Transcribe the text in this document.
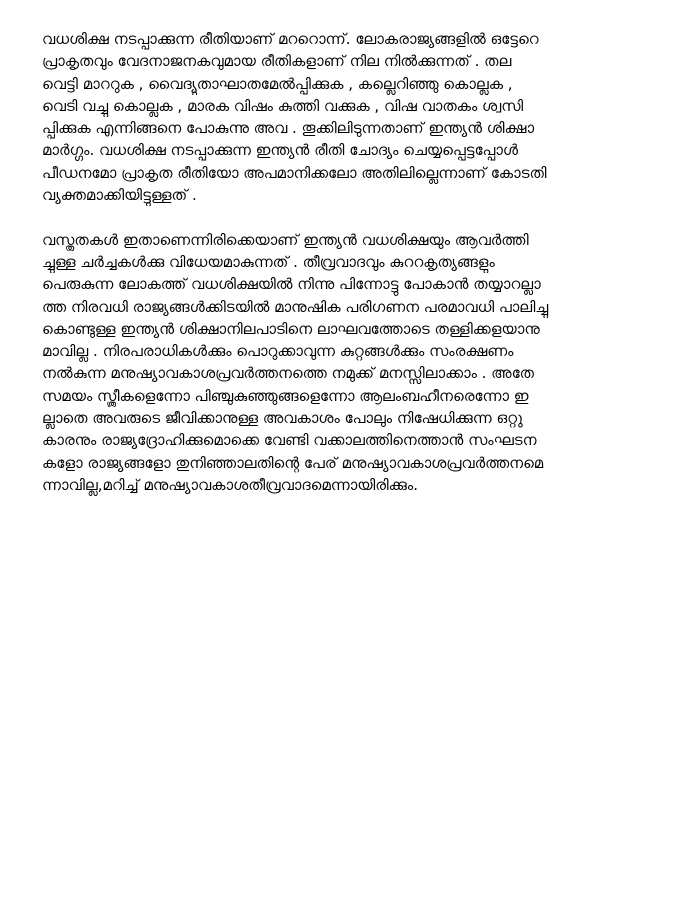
വധശിക്ഷ നടപ്പാക്കുന്ന രീതിയാണ് മററൊന്ന്. ലോകരാജ്യങ്ങളിൽ ഒട്ടേറെ
പ്രാകൃതവും വേദനാജനകവുമായ രീതികളാണ് നില നിൽക്കുന്നത് . തല
വെട്ടി മാററുക , വൈദ്യുതാഘാതമേൽപ്പിക്കുക , കല്ലെറിഞ്ഞു കൊല്ലുക ,
വെടി വച്ചു കൊല്ലുക , മാരക വിഷം കുത്തി വക്കുക , വിഷ വാതകം ശ്വസി
പ്പിക്കുക എന്നിങ്ങനെ പോകുന്നു അവ . തൂക്കിലിടുന്നതാണ് ഇന്ത്യൻ ശിക്ഷാ
മാർഗ്ഗം. വധശിക്ഷ നടപ്പാക്കുന്ന ഇന്ത്യൻ രീതി ചോദ്യം ചെയ്യപ്പെട്ടപ്പോൾ
പീഡനമോ പ്രാകൃത രീതിയോ അപമാനിക്കലോ അതിലില്ലെന്നാണ് കോടതി
വ്യക്തമാക്കിയിട്ടുള്ളത് .
വസ്തുതകൾ ഇതാണെന്നിരിക്കെയാണ് ഇന്ത്യൻ വധശിക്ഷയും ആവർത്തി
ച്ചുള്ള ചർച്ചകൾക്കു വിധേയമാകുന്നത് . തീവ്രവാദവും കുററകൃത്യങ്ങളും
പെരുകുന്ന ലോകത്ത് വധശിക്ഷയിൽ നിന്നു പിന്നോട്ടു പോകാൻ തയ്യാറല്ലാ
ത്ത നിരവധി രാജ്യങ്ങൾക്കിടയിൽ മാനുഷിക പരിഗണന പരമാവധി പാലിച്ചു
കൊണ്ടുള്ള ഇന്ത്യൻ ശിക്ഷാനിലപാടിനെ ലാഘവത്തോടെ തള്ളിക്കളയാനു
മാവില്ല . നിരപരാധികൾക്കും പൊറുക്കാവുന്ന കുറ്റങ്ങൾക്കും സംരക്ഷണം
നൽകുന്ന മനുഷ്യാവകാശപ്രവർത്തനത്തെ നമുക്ക് മനസ്സിലാക്കാം . അതേ
സമയം സ്ത്രീകളെന്നോ പിഞ്ചുകുഞ്ഞുങ്ങളെന്നോ ആലംബഹീനരെന്നോ ഇ
ല്ലാതെ അവരുടെ ജീവിക്കാനുള്ള അവകാശം പോലും നിഷേധിക്കുന്ന ഒറ്റു
കാരനും രാജ്യദ്രോഹിക്കുമൊക്കെ വേണ്ടി വക്കാലത്തിനെത്താൻ സംഘടന
കളോ രാജ്യങ്ങളോ തുനിഞ്ഞാലതിന്റെ പേര് മനുഷ്യാവകാശപ്രവർത്തനമെ
ന്നാവില്ല,മറിച്ച് മനുഷ്യാവകാശതീവ്രവാദമെന്നായിരിക്കും.
